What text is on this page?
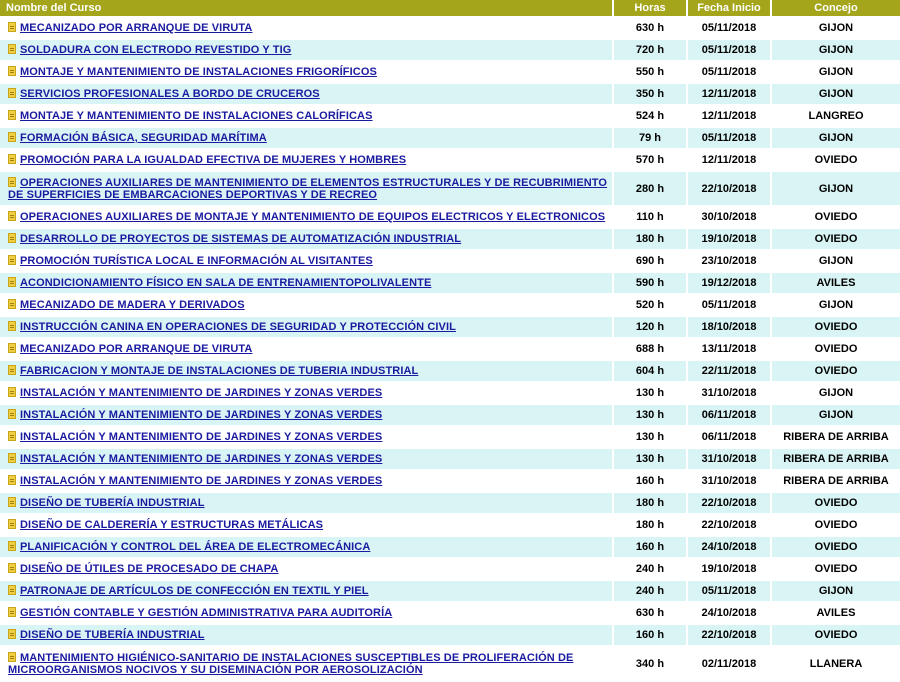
Nombre del Curso	Horas	Fecha Inicio	Concejo
MECANIZADO POR ARRANQUE DE VIRUTA	630 h	05/11/2018	GIJON
SOLDADURA CON ELECTRODO REVESTIDO Y TIG	720 h	05/11/2018	GIJON
MONTAJE Y MANTENIMIENTO DE INSTALACIONES FRIGORÍFICOS	550 h	05/11/2018	GIJON
SERVICIOS PROFESIONALES A BORDO DE CRUCEROS	350 h	12/11/2018	GIJON
MONTAJE Y MANTENIMIENTO DE INSTALACIONES CALORÍFICAS	524 h	12/11/2018	LANGREO
FORMACIÓN BÁSICA, SEGURIDAD MARÍTIMA	79 h	05/11/2018	GIJON
PROMOCIÓN PARA LA IGUALDAD EFECTIVA DE MUJERES Y HOMBRES	570 h	12/11/2018	OVIEDO
OPERACIONES AUXILIARES DE MANTENIMIENTO DE ELEMENTOS ESTRUCTURALES Y DE RECUBRIMIENTO DE SUPERFICIES DE EMBARCACIONES DEPORTIVAS Y DE RECREO	280 h	22/10/2018	GIJON
OPERACIONES AUXILIARES DE MONTAJE Y MANTENIMIENTO DE EQUIPOS ELECTRICOS Y ELECTRONICOS	110 h	30/10/2018	OVIEDO
DESARROLLO DE PROYECTOS DE SISTEMAS DE AUTOMATIZACIÓN INDUSTRIAL	180 h	19/10/2018	OVIEDO
PROMOCIÓN TURÍSTICA LOCAL E INFORMACIÓN AL VISITANTES	690 h	23/10/2018	GIJON
ACONDICIONAMIENTO FÍSICO EN SALA DE ENTRENAMIENTOPOLIVALENTE	590 h	19/12/2018	AVILES
MECANIZADO DE MADERA Y DERIVADOS	520 h	05/11/2018	GIJON
INSTRUCCIÓN CANINA EN OPERACIONES DE SEGURIDAD Y PROTECCIÓN CIVIL	120 h	18/10/2018	OVIEDO
MECANIZADO POR ARRANQUE DE VIRUTA	688 h	13/11/2018	OVIEDO
FABRICACION Y MONTAJE DE INSTALACIONES DE TUBERIA INDUSTRIAL	604 h	22/11/2018	OVIEDO
INSTALACIÓN Y MANTENIMIENTO DE JARDINES Y ZONAS VERDES	130 h	31/10/2018	GIJON
INSTALACIÓN Y MANTENIMIENTO DE JARDINES Y ZONAS VERDES	130 h	06/11/2018	GIJON
INSTALACIÓN Y MANTENIMIENTO DE JARDINES Y ZONAS VERDES	130 h	06/11/2018	RIBERA DE ARRIBA
INSTALACIÓN Y MANTENIMIENTO DE JARDINES Y ZONAS VERDES	130 h	31/10/2018	RIBERA DE ARRIBA
INSTALACIÓN Y MANTENIMIENTO DE JARDINES Y ZONAS VERDES	160 h	31/10/2018	RIBERA DE ARRIBA
DISEÑO DE TUBERÍA INDUSTRIAL	180 h	22/10/2018	OVIEDO
DISEÑO DE CALDERERÍA Y ESTRUCTURAS METÁLICAS	180 h	22/10/2018	OVIEDO
PLANIFICACIÓN Y CONTROL DEL ÁREA DE ELECTROMECÁNICA	160 h	24/10/2018	OVIEDO
DISEÑO DE ÚTILES DE PROCESADO DE CHAPA	240 h	19/10/2018	OVIEDO
PATRONAJE DE ARTÍCULOS DE CONFECCIÓN EN TEXTIL Y PIEL	240 h	05/11/2018	GIJON
GESTIÓN CONTABLE Y GESTIÓN ADMINISTRATIVA PARA AUDITORÍA	630 h	24/10/2018	AVILES
DISEÑO DE TUBERÍA INDUSTRIAL	160 h	22/10/2018	OVIEDO
MANTENIMIENTO HIGIÉNICO-SANITARIO DE INSTALACIONES SUSCEPTIBLES DE PROLIFERACIÓN DE MICROORGANISMOS NOCIVOS Y SU DISEMINACIÓN POR AEROSOLIZACIÓN	340 h	02/11/2018	LLANERA
